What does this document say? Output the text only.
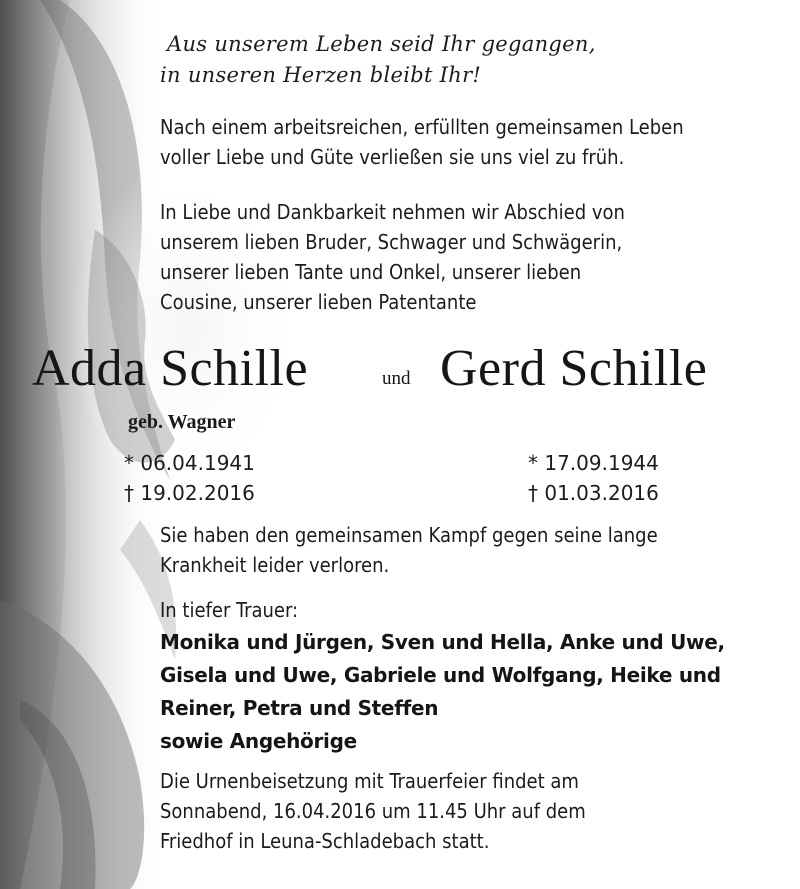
Aus unserem Leben seid Ihr gegangen,

in unseren Herzen bleibt Ihr!

Nach einem arbeitsreichen, erfüllten gemeinsamen Leben

voller Liebe und Güte verließen sie uns viel zu früh.

In Liebe und Dankbarkeit nehmen wir Abschied von

unserem lieben Bruder, Schwager und Schwägerin,

unserer lieben Tante und Onkel, unserer lieben

Cousine, unserer lieben Patentante

Adda Schille	und Gerd Schille

geb. Wagner

* 06.04.1941

† 19.02.2016

* 17.09.1944

† 01.03.2016

Sie haben den gemeinsamen Kampf gegen seine lange

Krankheit leider verloren.

In tiefer Trauer:

Monika und Jürgen, Sven und Hella, Anke und Uwe,

Gisela und Uwe, Gabriele und Wolfgang, Heike und

Reiner, Petra und Steffen

sowie Angehörige

Die Urnenbeisetzung mit Trauerfeier findet am

Sonnabend, 16.04.2016 um 11.45 Uhr auf dem

Friedhof in Leuna-Schladebach statt.
